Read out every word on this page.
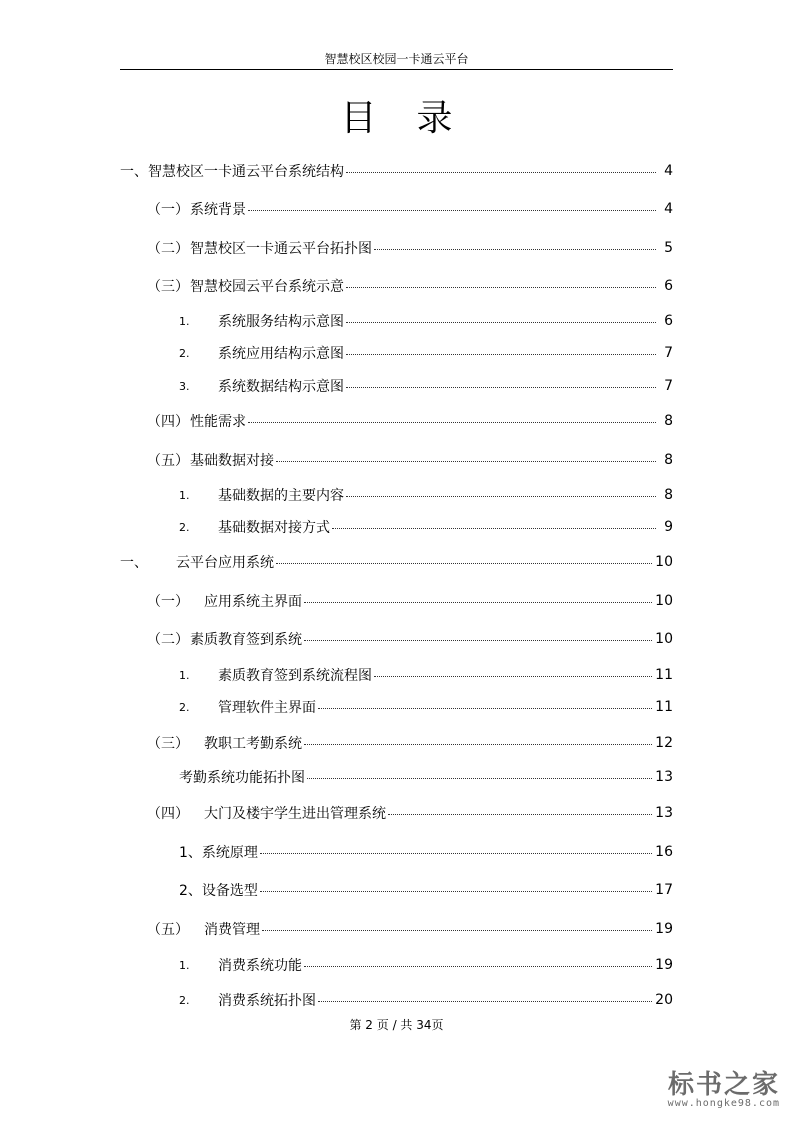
智慧校区校园一卡通云平台
目录
一、 智慧校区一卡通云平台系统结构	4
（一） 系统背景	4
（二） 智慧校区一卡通云平台拓扑图	5
（三） 智慧校园云平台系统示意	6
1.	系统服务结构示意图	6
2.	系统应用结构示意图	7
3.	系统数据结构示意图	7
（四） 性能需求	8
（五） 基础数据对接	8
1.	基础数据的主要内容	8
2.	基础数据对接方式	9
一、	云平台应用系统	10
（一）	应用系统主界面	10
（二） 素质教育签到系统	10
1.	素质教育签到系统流程图	11
2.	管理软件主界面	11
（三）	教职工考勤系统	12
考勤系统功能拓扑图	13
（四）	大门及楼宇学生进出管理系统	13
1、系统原理	16
2、设备选型	17
（五）	消费管理	19
1.	消费系统功能	19
2.	消费系统拓扑图	20
第 2 页 / 共 34页
标书之家
www.hongke98.com
